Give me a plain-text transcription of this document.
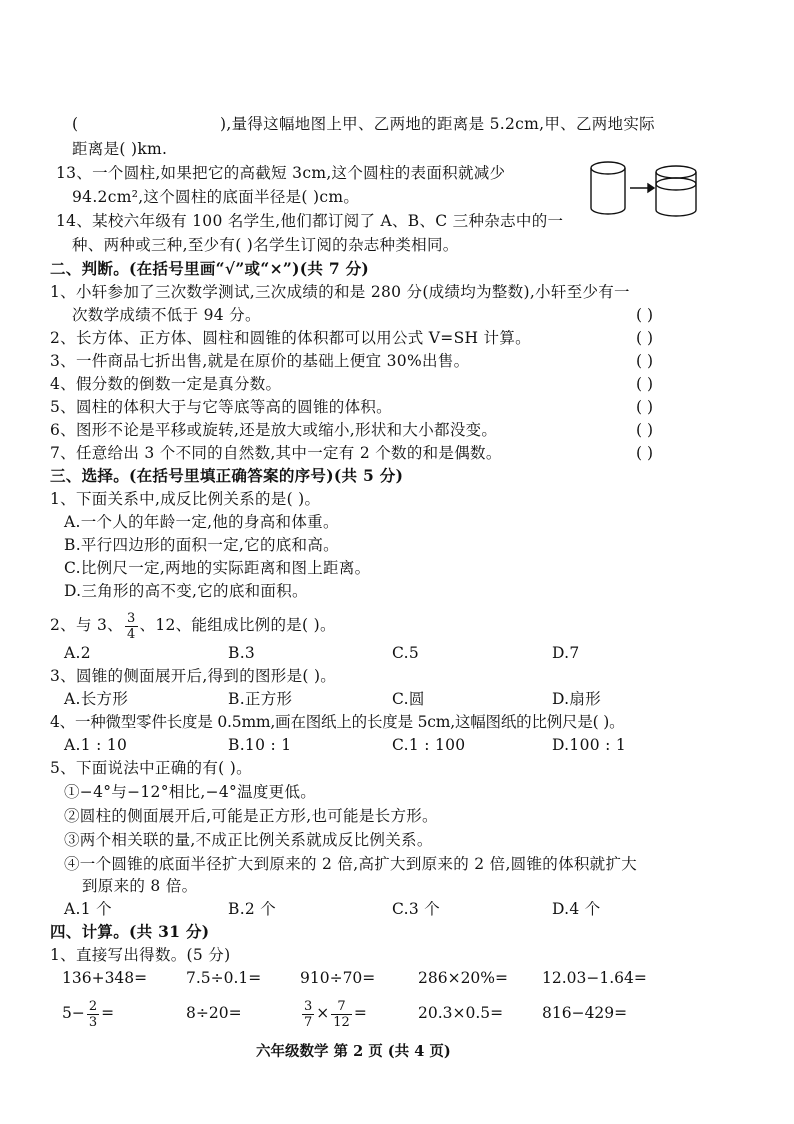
(	),量得这幅地图上甲、乙两地的距离是 5.2cm,甲、乙两地实际
距离是( )km.
13、一个圆柱,如果把它的高截短 3cm,这个圆柱的表面积就减少
94.2cm²,这个圆柱的底面半径是( )cm。
14、某校六年级有 100 名学生,他们都订阅了 A、B、C 三种杂志中的一
种、两种或三种,至少有( )名学生订阅的杂志种类相同。
二、判断。(在括号里画“√”或“×”)(共 7 分)
1、小轩参加了三次数学测试,三次成绩的和是 280 分(成绩均为整数),小轩至少有一
次数学成绩不低于 94 分。	( )
2、长方体、正方体、圆柱和圆锥的体积都可以用公式 V=SH 计算。	( )
3、一件商品七折出售,就是在原价的基础上便宜 30%出售。	( )
4、假分数的倒数一定是真分数。	( )
5、圆柱的体积大于与它等底等高的圆锥的体积。	( )
6、图形不论是平移或旋转,还是放大或缩小,形状和大小都没变。	( )
7、任意给出 3 个不同的自然数,其中一定有 2 个数的和是偶数。	( )
三、选择。(在括号里填正确答案的序号)(共 5 分)
1、下面关系中,成反比例关系的是( )。
A.一个人的年龄一定,他的身高和体重。
B.平行四边形的面积一定,它的底和高。
C.比例尺一定,两地的实际距离和图上距离。
D.三角形的高不变,它的底和面积。
2、与 3、 $\frac{3}{4}$ 、12、能组成比例的是( )。
A.2	B.3	C.5	D.7
3、圆锥的侧面展开后,得到的图形是( )。
A.长方形	B.正方形	C.圆	D.扇形
4、一种微型零件长度是 0.5mm,画在图纸上的长度是 5cm,这幅图纸的比例尺是( )。
A.1 : 10	B.10 : 1	C.1 : 100	D.100 : 1
5、下面说法中正确的有( )。
①−4°与−12°相比,−4°温度更低。
②圆柱的侧面展开后,可能是正方形,也可能是长方形。
③两个相关联的量,不成正比例关系就成反比例关系。
④一个圆锥的底面半径扩大到原来的 2 倍,高扩大到原来的 2 倍,圆锥的体积就扩大
到原来的 8 倍。
A.1 个	B.2 个	C.3 个	D.4 个
四、计算。(共 31 分)
1、直接写出得数。(5 分)
136+348=	7.5÷0.1= 910÷70=	286×20%= 12.03−1.64=
$5- \frac{2}{3}$ =	8÷20=	$\frac{3}{7} \times \frac{7}{12}$ =	20.3×0.5=	816−429=
六年级数学 第 2 页 (共 4 页)
